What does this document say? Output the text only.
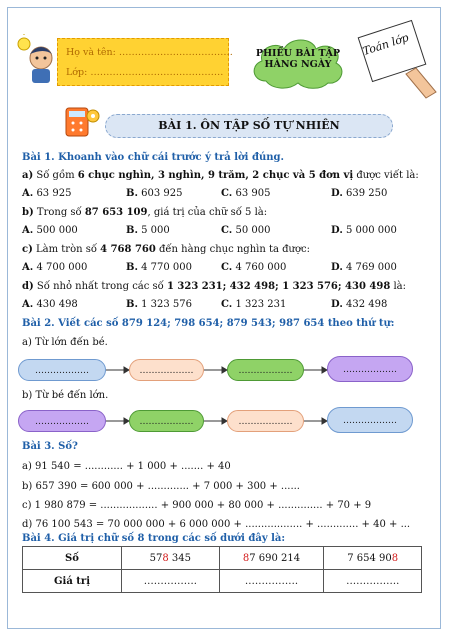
Họ và tên: ………………………………
Lớp: ……………………………………
PHIẾU BÀI TẬP
HÀNG NGÀY
Toán lớp
BÀI 1. ÔN TẬP SỐ TỰ NHIÊN
Bài 1. Khoanh vào chữ cái trước ý trả lời đúng.
a) Số gồm 6 chục nghìn, 3 nghìn, 9 trăm, 2 chục và 5 đơn vị được viết là:
A. 63 925	B. 603 925	C. 63 905	D. 639 250
b) Trong số 87 653 109, giá trị của chữ số 5 là:
A. 500 000	B. 5 000	C. 50 000	D. 5 000 000
c) Làm tròn số 4 768 760 đến hàng chục nghìn ta được:
A. 4 700 000	B. 4 770 000	C. 4 760 000	D. 4 769 000
d) Số nhỏ nhất trong các số 1 323 231; 432 498; 1 323 576; 430 498 là:
A. 430 498	B. 1 323 576	C. 1 323 231	D. 432 498
Bài 2. Viết các số 879 124; 798 654; 879 543; 987 654 theo thứ tự:
a) Từ lớn đến bé.
………………	………………	………………	………………
b) Từ bé đến lớn.
………………	………………	………………	………………
Bài 3. Số?
a) 91 540 = ............ + 1 000 + ....... + 40
b) 657 390 = 600 000 + ............. + 7 000 + 300 + ......
c) 1 980 879 = .................. + 900 000 + 80 000 + .............. + 70 + 9
d) 76 100 543 = 70 000 000 + 6 000 000 + .................. + ............. + 40 + ...
Bài 4. Giá trị chữ số 8 trong các số dưới đây là:
Số	578 345	87 690 214	7 654 908
Giá trị	…………….	…………….	…………….
